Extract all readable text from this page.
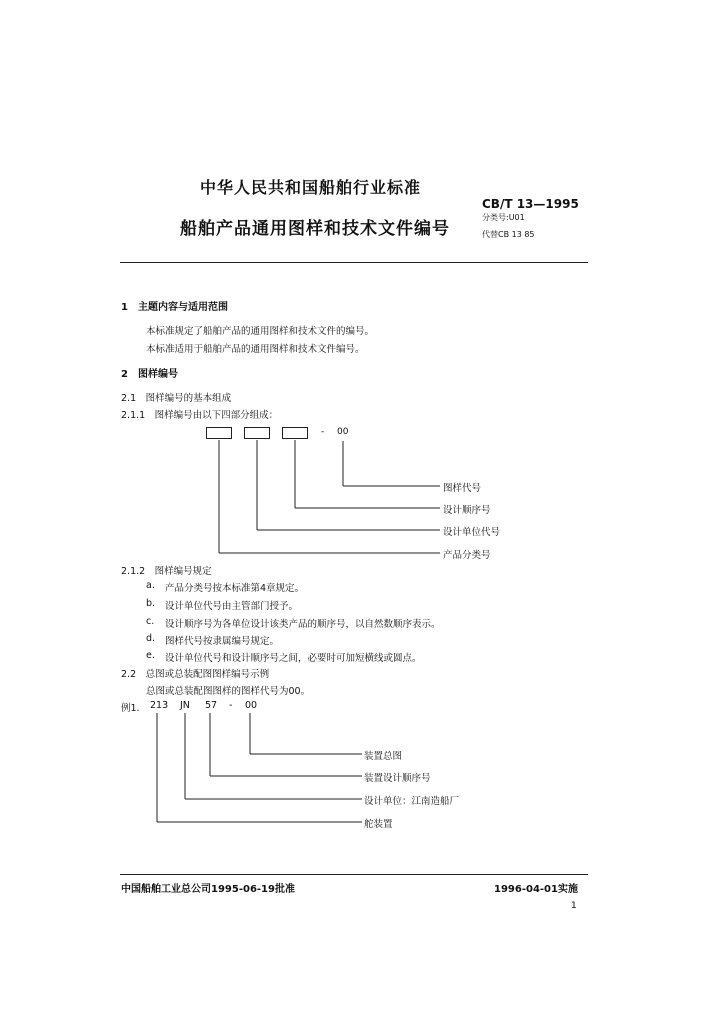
中华人民共和国船舶行业标准
船舶产品通用图样和技术文件编号
CB/T 13—1995
分类号:U01
代替CB 13 85
1　主题内容与适用范围
本标准规定了船舶产品的通用图样和技术文件的编号。
本标准适用于船舶产品的通用图样和技术文件编号。
2　图样编号
2.1　图样编号的基本组成
2.1.1　图样编号由以下四部分组成：
- 00
图样代号
设计顺序号
设计单位代号
产品分类号
2.1.2　图样编号规定
a. 产品分类号按本标准第4章规定。
b. 设计单位代号由主管部门授予。
c. 设计顺序号为各单位设计该类产品的顺序号，以自然数顺序表示。
d. 图样代号按隶属编号规定。
e. 设计单位代号和设计顺序号之间，必要时可加短横线或圆点。
2.2　总图或总装配图图样编号示例
总图或总装配图图样的图样代号为00。
例1. 213 JN 57 - 00
装置总图
装置设计顺序号
设计单位：江南造船厂
舵装置
中国船舶工业总公司1995-06-19批准	1996-04-01实施
1
